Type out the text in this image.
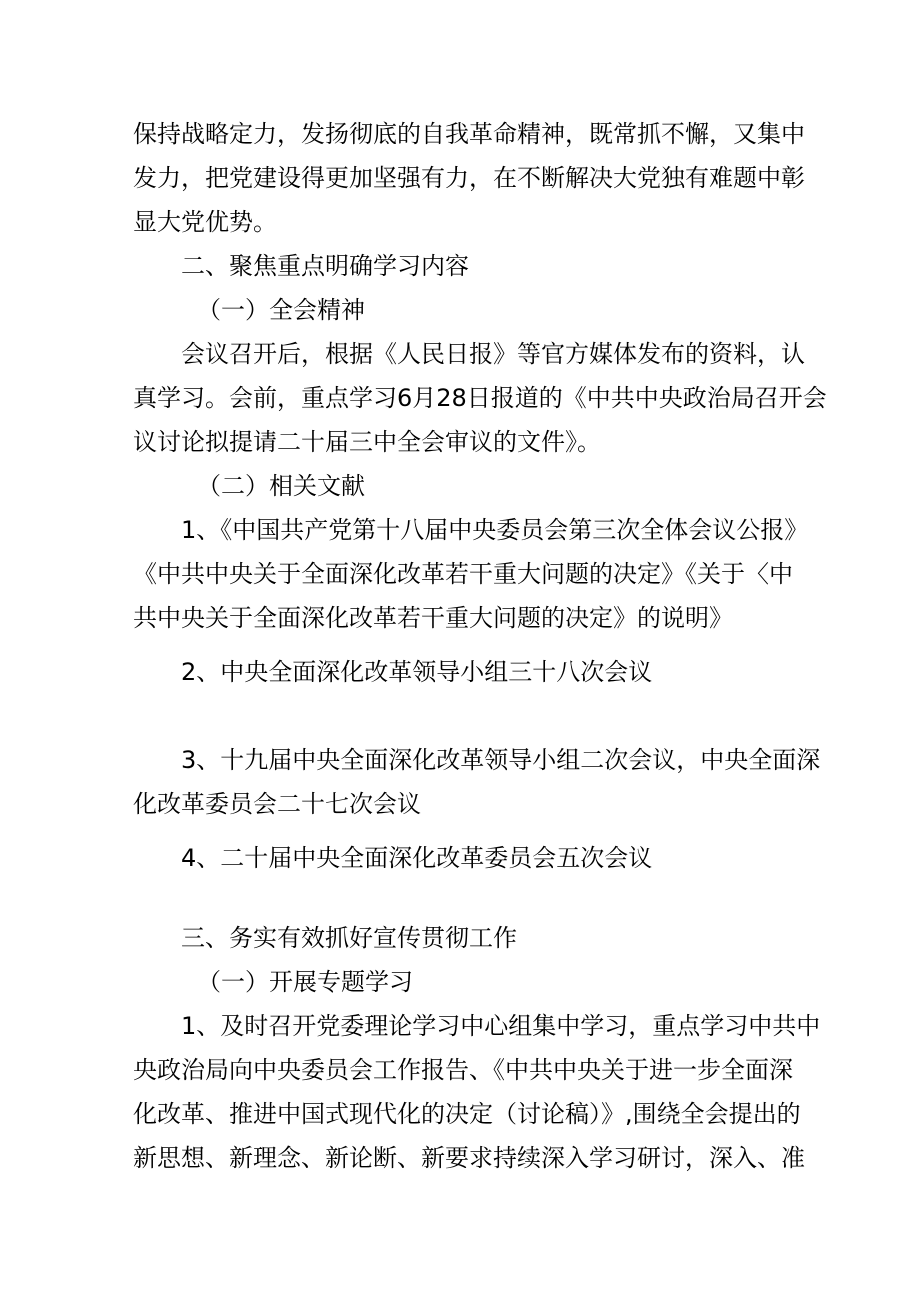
保持战略定力，发扬彻底的自我革命精神，既常抓不懈，又集中
发力，把党建设得更加坚强有力，在不断解决大党独有难题中彰
显大党优势。
二、聚焦重点明确学习内容
（一）全会精神
会议召开后，根据《人民日报》等官方媒体发布的资料，认
真学习。会前，重点学习6月28日报道的《中共中央政治局召开会
议讨论拟提请二十届三中全会审议的文件》。
（二）相关文献
1、《中国共产党第十八届中央委员会第三次全体会议公报》
《中共中央关于全面深化改革若干重大问题的决定》《关于〈中
共中央关于全面深化改革若干重大问题的决定》的说明》
2、中央全面深化改革领导小组三十八次会议
3、十九届中央全面深化改革领导小组二次会议，中央全面深
化改革委员会二十七次会议
4、二十届中央全面深化改革委员会五次会议
三、务实有效抓好宣传贯彻工作
（一）开展专题学习
1、及时召开党委理论学习中心组集中学习，重点学习中共中
央政治局向中央委员会工作报告、《中共中央关于进一步全面深
化改革、推进中国式现代化的决定（讨论稿）》,围绕全会提出的
新思想、新理念、新论断、新要求持续深入学习研讨，深入、准
